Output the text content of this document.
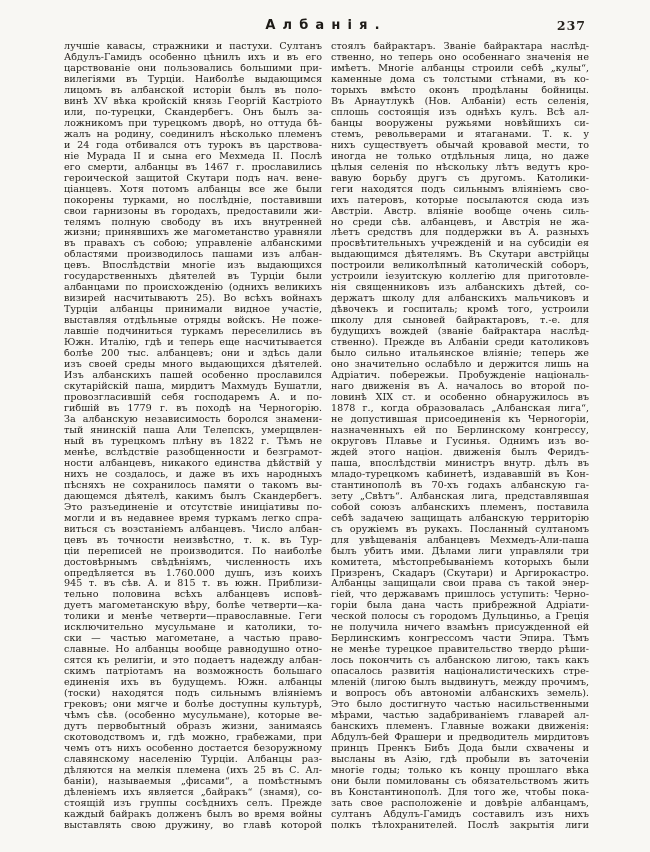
Албанія.	237
лучшіе кавасы, стражники и пастухи. Султанъ
Абдулъ-Гамидъ особенно цѣнилъ ихъ и въ его
царствованіе они пользовались большими при-
вилегіями въ Турціи. Наиболѣе выдающимся
лицомъ въ албанской исторіи былъ въ поло-
винѣ XV вѣка кройскій князь Георгій Кастріото
или, по-турецки, Скандербегъ. Онъ былъ за-
ложникомъ при турецкомъ дворѣ, но оттуда бѣ-
жалъ на родину, соединилъ нѣсколько племенъ
и 24 года отбивался отъ турокъ въ царствова-
ніе Мурада II и сына его Мехмеда II. Послѣ
его смерти, албанцы въ 1467 г. прославились
героической защитой Скутари подъ нач. вене-
ціанцевъ. Хотя потомъ албанцы все же были
покорены турками, но послѣдніе, поставивши
свои гарнизоны въ городахъ, предоставили жи-
телямъ полную свободу въ ихъ внутренней
жизни; принявшихъ же магометанство уравняли
въ правахъ съ собою; управленіе албанскими
областями производилось пашами изъ албан-
цевъ. Впослѣдствіи многіе изъ выдающихся
государственныхъ дѣятелей въ Турціи были
албанцами по происхожденію (однихъ великихъ
визирей насчитываютъ 25). Во всѣхъ войнахъ
Турціи албанцы принимали видное участіе,
выставляя отдѣльные отряды войскъ. Не поже-
лавшіе подчиниться туркамъ переселились въ
Южн. Италію, гдѣ и теперь еще насчитывается
болѣе 200 тыс. албанцевъ; они и здѣсь дали
изъ своей среды много выдающихся дѣятелей.
Изъ албанскихъ пашей особенно прославился
скутарійскій паша, мирдитъ Махмудъ Бушатли,
провозгласившій себя господаремъ А. и по-
гибшій въ 1779 г. въ походѣ на Черногорію.
За албанскую независимость боролся знамени-
тый янинскій паша Али Телепскъ, умерщвлен-
ный въ турецкомъ плѣну въ 1822 г. Тѣмъ не
менѣе, вслѣдствіе разобщенности и безграмот-
ности албанцевъ, никакого единства дѣйствій у
нихъ не создалось, и даже въ ихъ народныхъ
пѣсняхъ не сохранилось памяти о такомъ вы-
дающемся дѣятелѣ, какимъ былъ Скандербегъ.
Это разъединеніе и отсутствіе иниціативы по-
могли и въ недавнее время туркамъ легко спра-
виться съ возстаніемъ албанцевъ. Число албан-
цевъ въ точности неизвѣстно, т. к. въ Тур-
ціи переписей не производится. По наиболѣе
достовѣрнымъ свѣдѣніямъ, численность ихъ
опредѣляется въ 1.760.000 душъ, изъ коихъ
945 т. въ сѣв. А. и 815 т. въ южн. Приблизи-
тельно половина всѣхъ албанцевъ исповѣ-
дуетъ магометанскую вѣру, болѣе четверти—ка-
толики и менѣе четверти—православные. Геги
исключительно мусульмане и католики, то-
ски — частью магометане, а частью право-
славные. Но албанцы вообще равнодушно отно-
сятся къ религіи, и это подаетъ надежду албан-
скимъ патріотамъ на возможность большаго
единенія ихъ въ будущемъ. Южн. албанцы
(тоски) находятся подъ сильнымъ вліяніемъ
грековъ; они мягче и болѣе доступны культурѣ,
чѣмъ сѣв. (особенно мусульмане), которые ве-
дутъ первобытный образъ жизни, занимаясь
скотоводствомъ и, гдѣ можно, грабежами, при
чемъ отъ нихъ особенно достается безоружному
славянскому населенію Турціи. Албанцы раз-
дѣляются на мелкія племена (ихъ 25 въ С. Ал-
баніи), называемыя „фисами“, а помѣстнымъ
дѣленіемъ ихъ является „байракъ“ (знамя), со-
стоящій изъ группы сосѣднихъ селъ. Прежде
каждый байракъ долженъ былъ во время войны
выставлять свою дружину, во главѣ которой
стоялъ байрактаръ. Званіе байрактара наслѣд-
ственно, но теперь оно особеннаго значенія не
имѣетъ. Многіе албанцы строили себѣ „кулы“,
каменные дома съ толстыми стѣнами, въ ко-
торыхъ вмѣсто оконъ продѣланы бойницы.
Въ Арнаутлукѣ (Нов. Албаніи) есть селенія,
сплошь состоящія изъ однѣхъ кулъ. Всѣ ал-
банцы вооружены ружьями новѣйшихъ си-
стемъ, револьверами и ятаганами. Т. к. у
нихъ существуетъ обычай кровавой мести, то
иногда не только отдѣльныя лица, но даже
цѣлыя селенія по нѣскольку лѣтъ ведутъ кро-
вавую борьбу другъ съ другомъ. Католики-
геги находятся подъ сильнымъ вліяніемъ сво-
ихъ патеровъ, которые посылаются сюда изъ
Австріи. Австр. вліяніе вообще очень силь-
но среди сѣв. албанцевъ, и Австрія не жа-
лѣетъ средствъ для поддержки въ А. разныхъ
просвѣтительныхъ учрежденій и на субсидіи ея
выдающимся дѣятелямъ. Въ Скутари австрійцы
построили великолѣпный католическій соборъ,
устроили іезуитскую коллегію для приготовле-
нія священниковъ изъ албанскихъ дѣтей, со-
держатъ школу для албанскихъ мальчиковъ и
дѣвочекъ и госпиталь; кромѣ того, устроили
школу для сыновей байрактаровъ, т.-е. для
будущихъ вождей (званіе байрактара наслѣд-
ственно). Прежде въ Албаніи среди католиковъ
было сильно итальянское вліяніе; теперь же
оно значительно ослабѣло и держится лишь на
Адріатич. побережьи. Пробужденіе національ-
наго движенія въ А. началось во второй по-
ловинѣ XIX ст. и особенно обнаружилось въ
1878 г., когда образовалась „Албанская лига“,
не допустившая присоединенія къ Черногоріи,
назначенныхъ ей по Берлинскому конгрессу,
округовъ Плавье и Гусинья. Однимъ изъ во-
ждей этого націон. движенія былъ Феридъ-
паша, впослѣдствіи министръ внутр. дѣлъ въ
младо-турецкомъ кабинетѣ, издававшій въ Кон-
стантинополѣ въ 70-хъ годахъ албанскую га-
зету „Свѣтъ“. Албанская лига, представлявшая
собой союзъ албанскихъ племенъ, поставила
себѣ задачею защищать албанскую территорію
съ оружіемъ въ рукахъ. Посланный султаномъ
для увѣщеванія албанцевъ Мехмедъ-Али-паша
былъ убитъ ими. Дѣлами лиги управляли три
комитета, мѣстопребываніемъ которыхъ были
Призренъ, Скадаръ (Скутари) и Аргирокастро.
Албанцы защищали свои права съ такой энер-
гіей, что державамъ пришлось уступить: Черно-
горіи была дана часть прибрежной Адріати-
ческой полосы съ городомъ Дульциньо, а Греція
не получила ничего взамѣнъ присужденной ей
Берлинскимъ конгрессомъ части Эпира. Тѣмъ
не менѣе турецкое правительство твердо рѣши-
лось покончить съ албанскою лигою, такъ какъ
опасалось развитія націоналистическихъ стре-
мленій (лигою былъ выдвинутъ, между прочимъ,
и вопросъ объ автономіи албанскихъ земель).
Это было достигнуто частью насильственными
мѣрами, частью задабриваніемъ главарей ал-
банскихъ племенъ. Главные вожаки движенія:
Абдулъ-бей Фрашери и предводитель мирдитовъ
принцъ Пренкъ Бибъ Дода были схвачены и
высланы въ Азію, гдѣ пробыли въ заточеніи
многіе годы; только къ концу прошлаго вѣка
они были помилованы съ обязательствомъ жить
въ Константинополѣ. Для того же, чтобы пока-
зать свое расположеніе и довѣріе албанцамъ,
султанъ Абдулъ-Гамидъ составилъ изъ нихъ
полкъ тѣлохранителей. Послѣ закрытія лиги
